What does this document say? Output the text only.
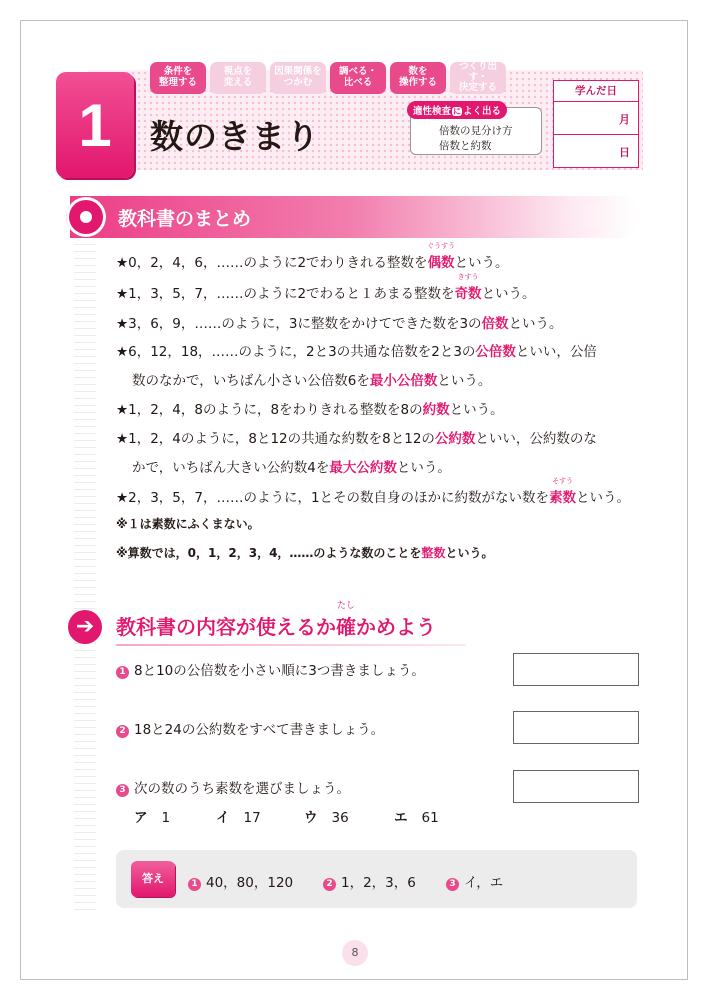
1 数のきまり
条件を
整理する
視点を
変える
因果関係を
つかむ
調べる・
比べる
数を
操作する
つくり出す・
決定する
適性検査 に よく出る
倍数の見分け方
倍数と約数
学んだ日
月
日
教科書のまとめ
★0，2，4，6，……のように2でわりきれる整数を
ぐうすう
偶数という。
★1，3，5，7，……のように2でわると１あまる整数を
きすう
奇数という。
★3，6，9，……のように，3に整数をかけてできた数を3の倍数という。
★6，12，18，……のように，2と3の共通な倍数を2と3の公倍数といい，公倍
数のなかで，いちばん小さい公倍数6を最小公倍数という。
★1，2，4，8のように，8をわりきれる整数を8の約数という。
★1，2，4のように，8と12の共通な約数を8と12の公約数といい，公約数のな
かで，いちばん大きい公約数4を最大公約数という。
★2，3，5，7，……のように，1とその数自身のほかに約数がない数を
そすう
素数という。
※１は素数にふくまない。
※算数では，0，1，2，3，4，……のような数のことを整数という。
➔	教科書の内容が使えるか
たし
確かめよう
1 8と10の公倍数を小さい順に3つ書きましょう。
2 18と24の公約数をすべて書きましょう。
3 次の数のうち素数を選びましょう。
ア 1	イ 17	ウ 36	エ 61
答え	1 40，80，120	2 1，2，3，6	3 イ，エ
8
